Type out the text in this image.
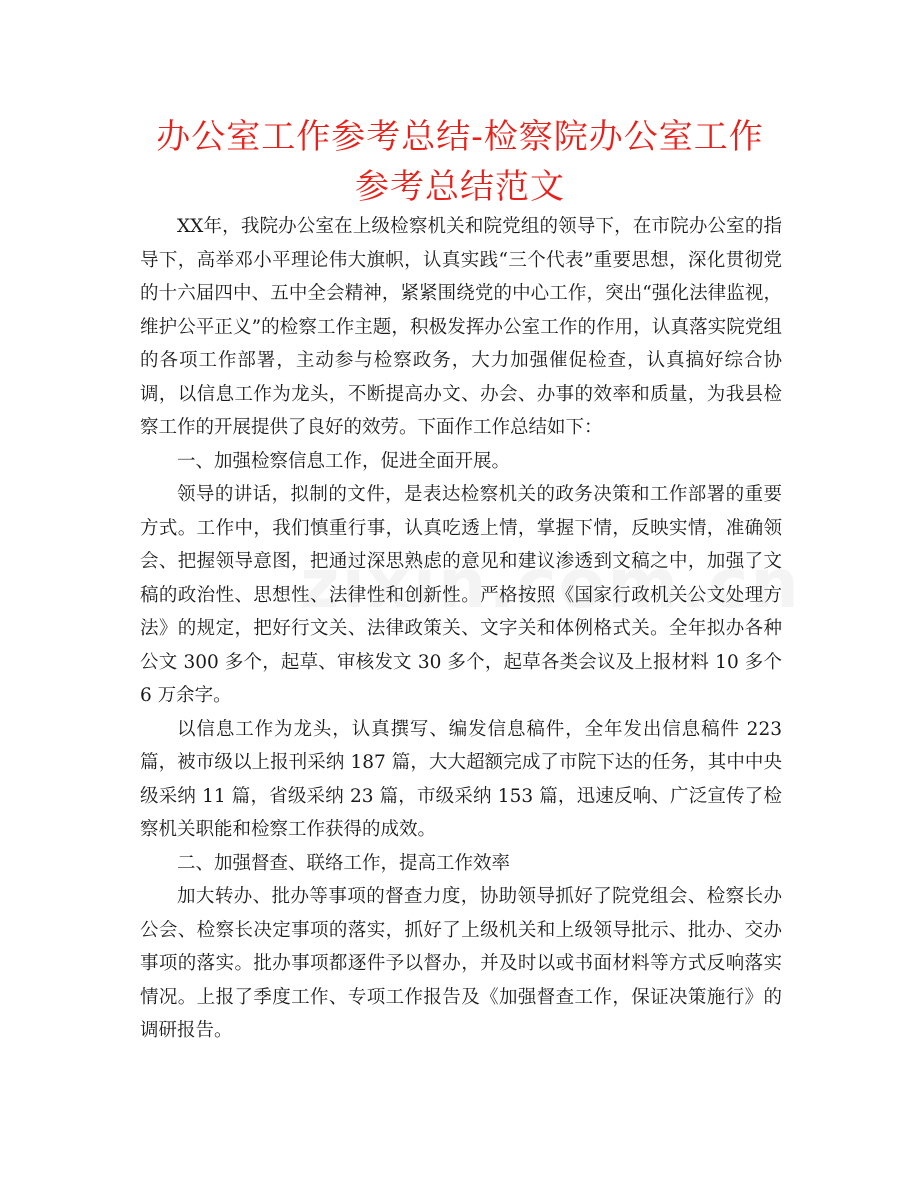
办公室工作参考总结-检察院办公室工作参考总结范文

XX年，我院办公室在上级检察机关和院党组的领导下，在市院办公室的指导下，高举邓小平理论伟大旗帜，认真实践“三个代表”重要思想，深化贯彻党的十六届四中、五中全会精神，紧紧围绕党的中心工作，突出“强化法律监视，维护公平正义”的检察工作主题，积极发挥办公室工作的作用，认真落实院党组的各项工作部署，主动参与检察政务，大力加强催促检查，认真搞好综合协调，以信息工作为龙头，不断提高办文、办会、办事的效率和质量，为我县检察工作的开展提供了良好的效劳。下面作工作总结如下：

一、加强检察信息工作，促进全面开展。

领导的讲话，拟制的文件，是表达检察机关的政务决策和工作部署的重要方式。工作中，我们慎重行事，认真吃透上情，掌握下情，反映实情，准确领会、把握领导意图，把通过深思熟虑的意见和建议渗透到文稿之中，加强了文稿的政治性、思想性、法律性和创新性。严格按照《国家行政机关公文处理方法》的规定，把好行文关、法律政策关、文字关和体例格式关。全年拟办各种公文 300 多个，起草、审核发文 30 多个，起草各类会议及上报材料 10 多个 6 万余字。

以信息工作为龙头，认真撰写、编发信息稿件，全年发出信息稿件 223 篇，被市级以上报刊采纳 187 篇，大大超额完成了市院下达的任务，其中中央级采纳 11 篇，省级采纳 23 篇，市级采纳 153 篇，迅速反响、广泛宣传了检察机关职能和检察工作获得的成效。

二、加强督查、联络工作，提高工作效率

加大转办、批办等事项的督查力度，协助领导抓好了院党组会、检察长办公会、检察长决定事项的落实，抓好了上级机关和上级领导批示、批办、交办事项的落实。批办事项都逐件予以督办，并及时以或书面材料等方式反响落实情况。上报了季度工作、专项工作报告及《加强督查工作，保证决策施行》的调研报告。
